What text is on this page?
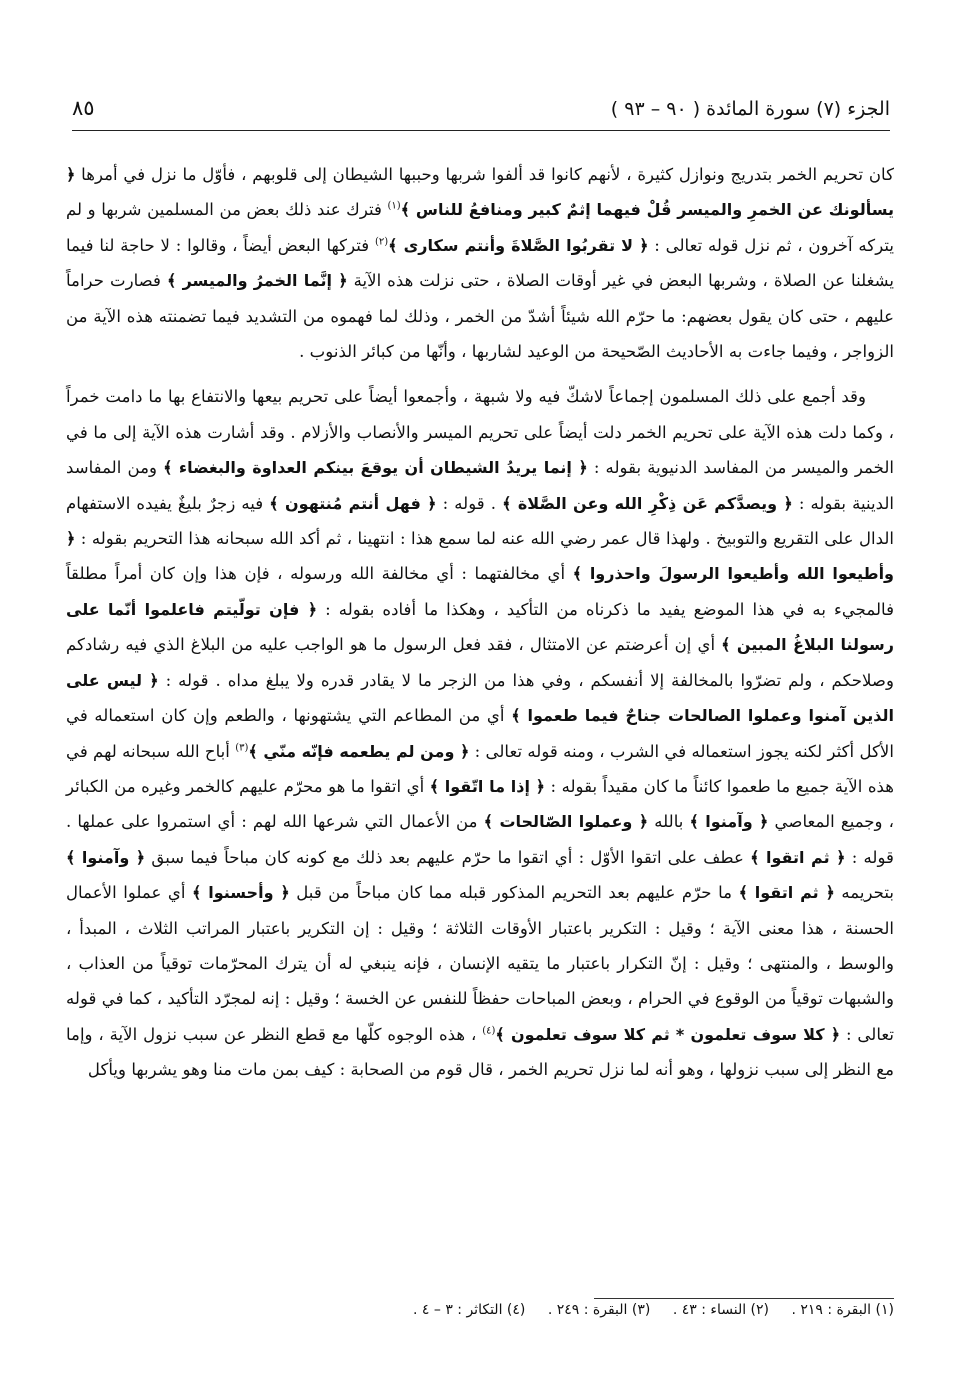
الجزء (٧) سورة المائدة ( ٩٠ – ٩٣ )
٨٥

كان تحريم الخمر بتدريج ونوازل كثيرة ، لأنهم كانوا قد ألفوا شربها وحببها الشيطان إلى قلوبهم ، فأوّل ما نزل في أمرها ﴿ يسألونك عن الخمرِ والميسر قُلْ فيهما إثمٌ كبير ومنافعُ للناس ﴾$^{(١)}$ فترك عند ذلك بعض من المسلمين شربها و لم يتركه آخرون ، ثم نزل قوله تعالى : ﴿ لا تقربُوا الصَّلاةَ وأنتم سكارى ﴾$^{(٢)}$ فتركها البعض أيضاً ، وقالوا : لا حاجة لنا فيما يشغلنا عن الصلاة ، وشربها البعض في غير أوقات الصلاة ، حتى نزلت هذه الآية ﴿ إنَّما الخمرُ والميسر ﴾ فصارت حراماً عليهم ، حتى كان يقول بعضهم: ما حرّم الله شيئاً أشدّ من الخمر ، وذلك لما فهموه من التشديد فيما تضمنته هذه الآية من الزواجر ، وفيما جاءت به الأحاديث الصّحيحة من الوعيد لشاربها ، وأنّها من كبائر الذنوب .

وقد أجمع على ذلك المسلمون إجماعاً لاشكّ فيه ولا شبهة ، وأجمعوا أيضاً على تحريم بيعها والانتفاع بها ما دامت خمراً ، وكما دلت هذه الآية على تحريم الخمر دلت أيضاً على تحريم الميسر والأنصاب والأزلام . وقد أشارت هذه الآية إلى ما في الخمر والميسر من المفاسد الدنيوية بقوله : ﴿ إنما يريدُ الشيطان أن يوقعَ بينكم العداوة والبغضاء ﴾ ومن المفاسد الدينية بقوله : ﴿ ويصدَّكم عَن ذِكْرِ الله وعن الصَّلاة ﴾ . قوله : ﴿ فهل أنتم مُنتهون ﴾ فيه زجرٌ بليغٌ يفيده الاستفهام الدال على التقريع والتوبيخ . ولهذا قال عمر رضي الله عنه لما سمع هذا : انتهينا ، ثم أكد الله سبحانه هذا التحريم بقوله : ﴿ وأطيعوا الله وأطيعوا الرسولَ واحذروا ﴾ أي مخالفتهما : أي مخالفة الله ورسوله ، فإن هذا وإن كان أمراً مطلقاً فالمجيء به في هذا الموضع يفيد ما ذكرناه من التأكيد ، وهكذا ما أفاده بقوله : ﴿ فإن تولّيتم فاعلموا أنّما على رسولنا البلاغُ المبين ﴾ أي إن أعرضتم عن الامتثال ، فقد فعل الرسول ما هو الواجب عليه من البلاغ الذي فيه رشادكم وصلاحكم ، ولم تضرّوا بالمخالفة إلا أنفسكم ، وفي هذا من الزجر ما لا يقادر قدره ولا يبلغ مداه . قوله : ﴿ ليس على الذين آمنوا وعملوا الصالحات جناحٌ فيما طعموا ﴾ أي من المطاعم التي يشتهونها ، والطعم وإن كان استعماله في الأكل أكثر لكنه يجوز استعماله في الشرب ، ومنه قوله تعالى : ﴿ ومن لم يطعمه فإنّه منّي ﴾$^{(٣)}$ أباح الله سبحانه لهم في هذه الآية جميع ما طعموا كائناً ما كان مقيداً بقوله : ﴿ إذا ما اتّقوا ﴾ أي اتقوا ما هو محرّم عليهم كالخمر وغيره من الكبائر ، وجميع المعاصي ﴿ وآمنوا ﴾ بالله ﴿ وعملوا الصّالحات ﴾ من الأعمال التي شرعها الله لهم : أي استمروا على عملها . قوله : ﴿ ثم اتقوا ﴾ عطف على اتقوا الأوّل : أي اتقوا ما حرّم عليهم بعد ذلك مع كونه كان مباحاً فيما سبق ﴿ وآمنوا ﴾ بتحريمه ﴿ ثم اتقوا ﴾ ما حرّم عليهم بعد التحريم المذكور قبله مما كان مباحاً من قبل ﴿ وأحسنوا ﴾ أي عملوا الأعمال الحسنة ، هذا معنى الآية ؛ وقيل : التكرير باعتبار الأوقات الثلاثة ؛ وقيل : إن التكرير باعتبار المراتب الثلاث ، المبدأ ، والوسط ، والمنتهى ؛ وقيل : إنّ التكرار باعتبار ما يتقيه الإنسان ، فإنه ينبغي له أن يترك المحرّمات توقياً من العذاب ، والشبهات توقياً من الوقوع في الحرام ، وبعض المباحات حفظاً للنفس عن الخسة ؛ وقيل : إنه لمجرّد التأكيد ، كما في قوله تعالى : ﴿ كلا سوف تعلمون * ثم كلا سوف تعلمون ﴾$^{(٤)}$ ، هذه الوجوه كلّها مع قطع النظر عن سبب نزول الآية ، وإما مع النظر إلى سبب نزولها ، وهو أنه لما نزل تحريم الخمر ، قال قوم من الصحابة : كيف بمن مات منا وهو يشربها ويأكل

(١) البقرة : ٢١٩ . (٢) النساء : ٤٣ . (٣) البقرة : ٢٤٩ . (٤) التكاثر : ٣ – ٤ .
